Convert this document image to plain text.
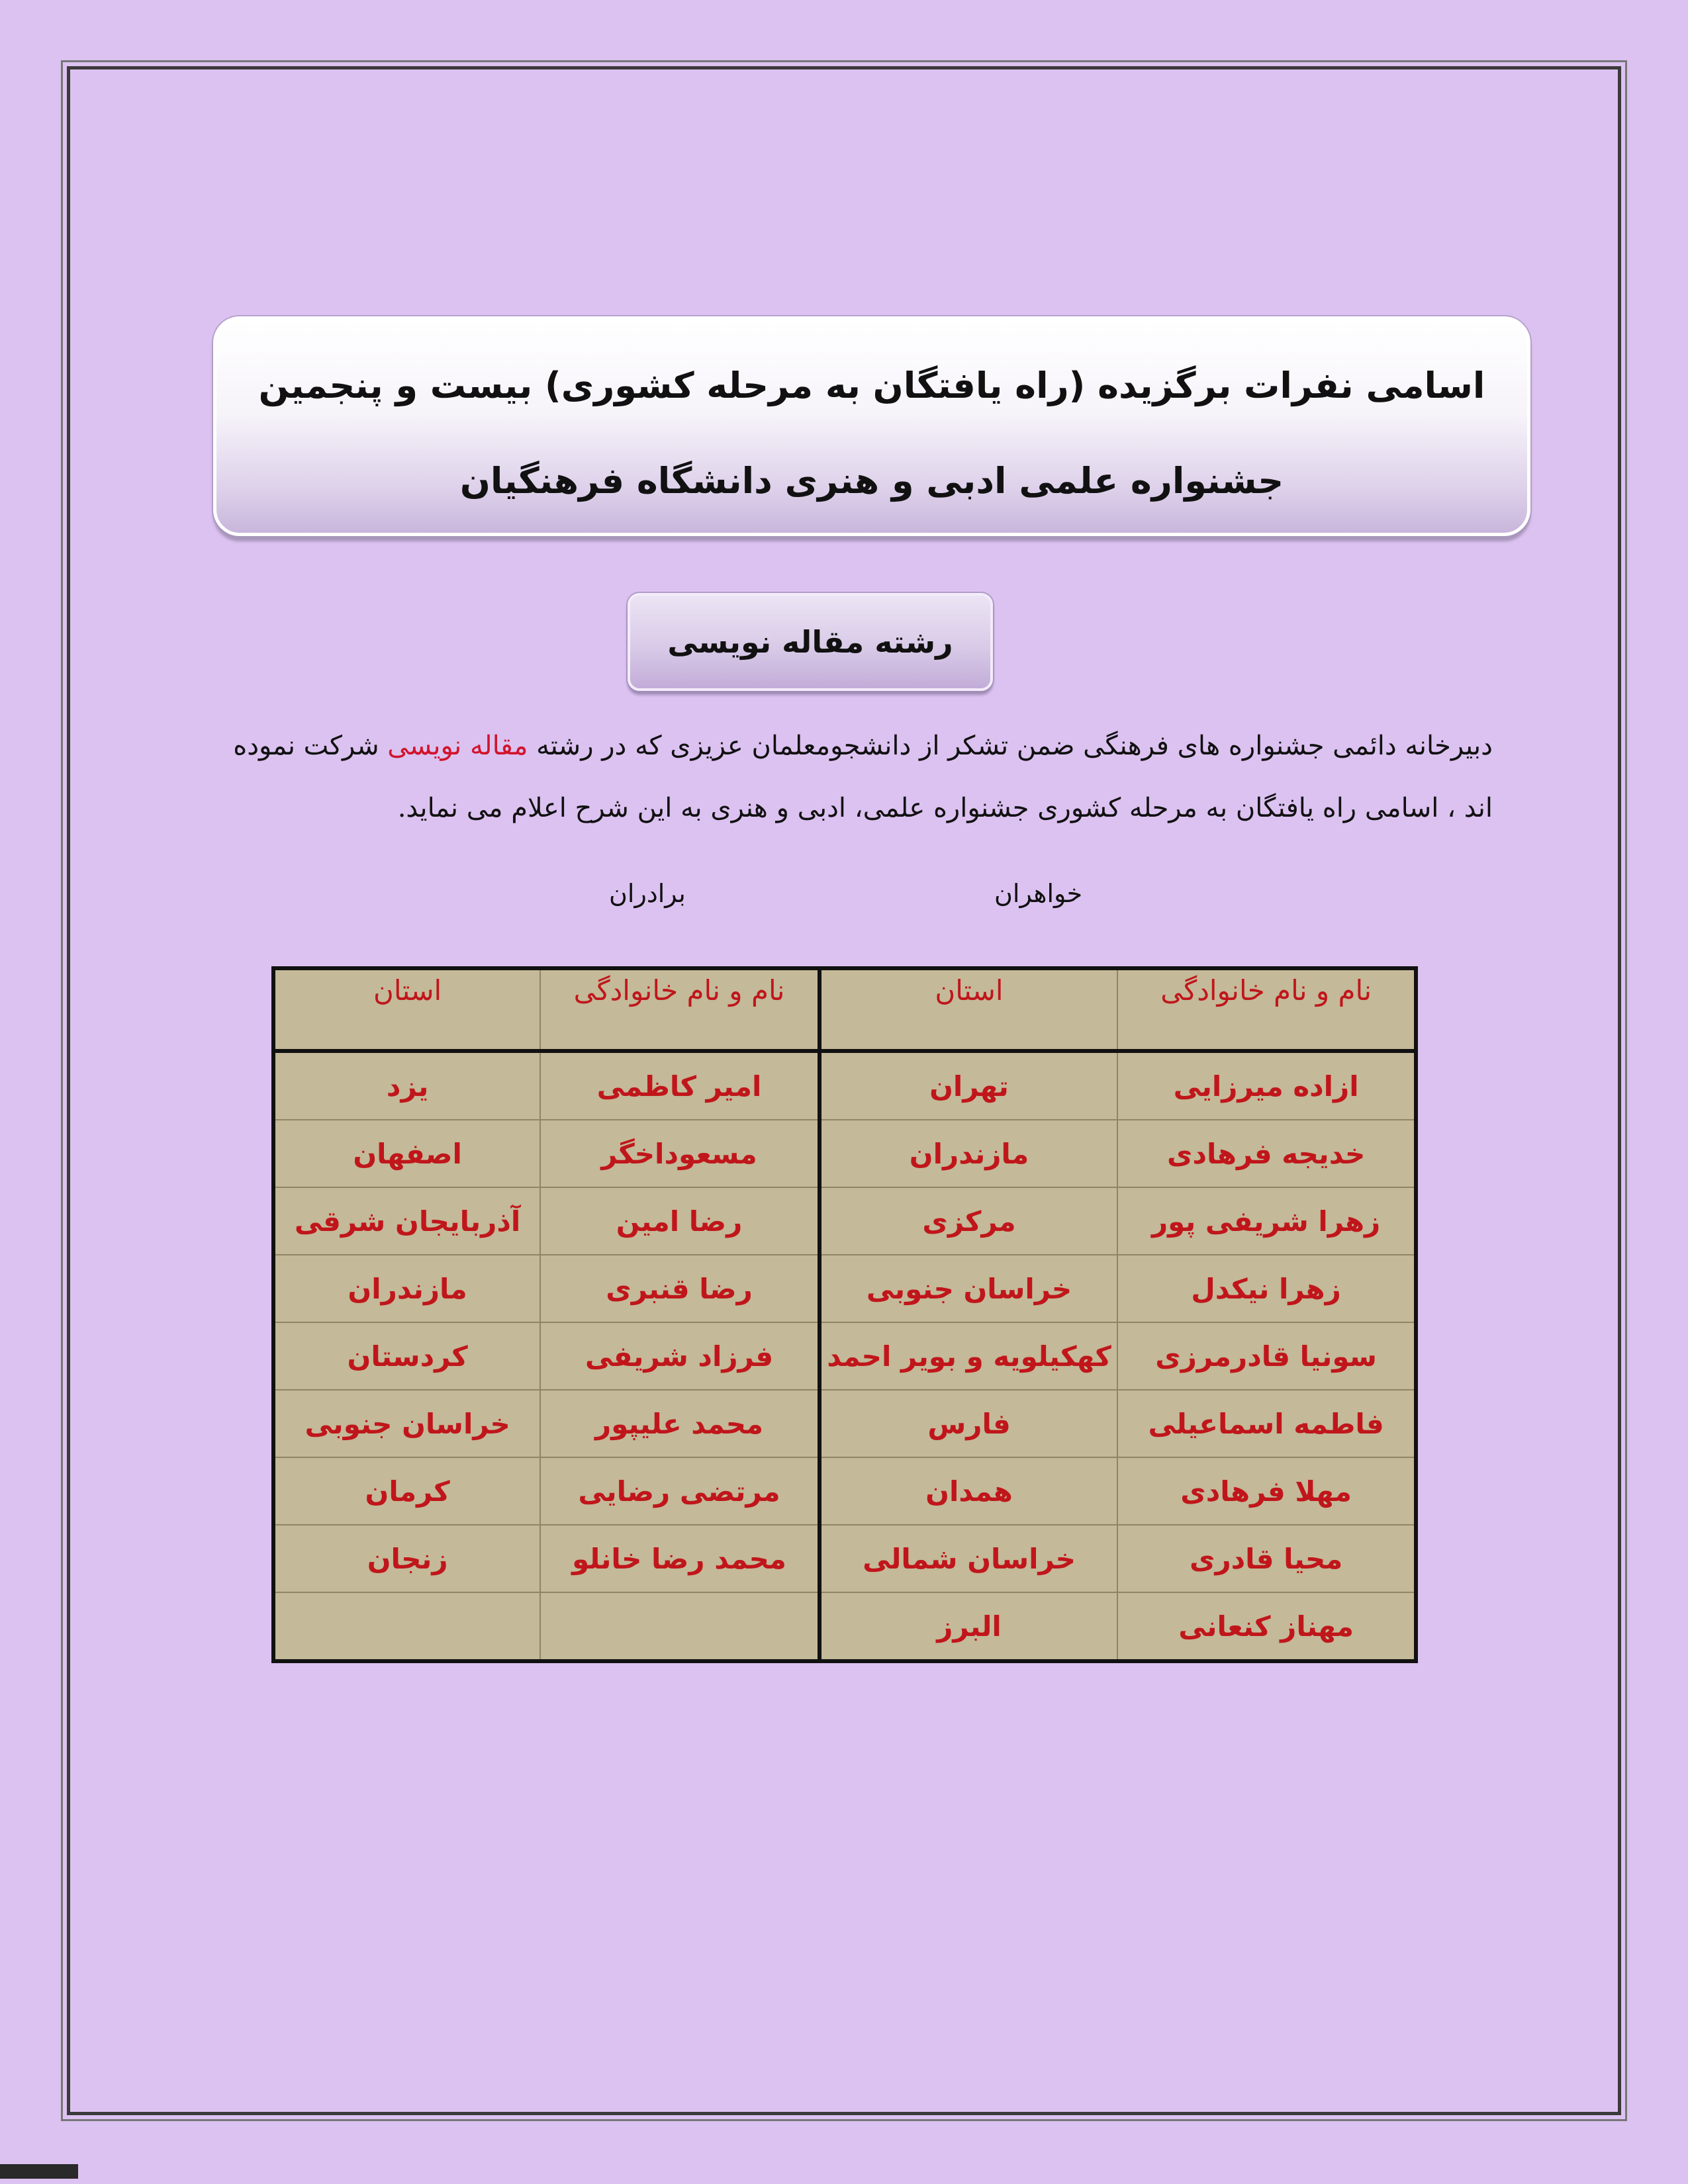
اسامی نفرات برگزیده (راه یافتگان به مرحله کشوری) بیست و پنجمین
جشنواره علمی ادبی و هنری دانشگاه فرهنگیان
رشته مقاله نویسی
دبیرخانه دائمی جشنواره های فرهنگی ضمن تشکر از دانشجومعلمان عزیزی که در رشته مقاله نویسی شرکت نموده اند ، اسامی راه یافتگان به مرحله کشوری جشنواره علمی، ادبی و هنری به این شرح اعلام می نماید.
خواهران
برادران
نام و نام خانوادگی	استان	نام و نام خانوادگی	استان
ازاده میرزایی	تهران	امیر کاظمی	یزد
خدیجه فرهادی	مازندران	مسعوداخگر	اصفهان
زهرا شریفی پور	مرکزی	رضا امین	آذربایجان شرقی
زهرا نیکدل	خراسان جنوبی	رضا قنبری	مازندران
سونیا قادرمرزی	کهکیلویه و بویر احمد	فرزاد شریفی	کردستان
فاطمه اسماعیلی	فارس	محمد علیپور	خراسان جنوبی
مهلا فرهادی	همدان	مرتضی رضایی	کرمان
محیا قادری	خراسان شمالی	محمد رضا خانلو	زنجان
مهناز کنعانی	البرز		
